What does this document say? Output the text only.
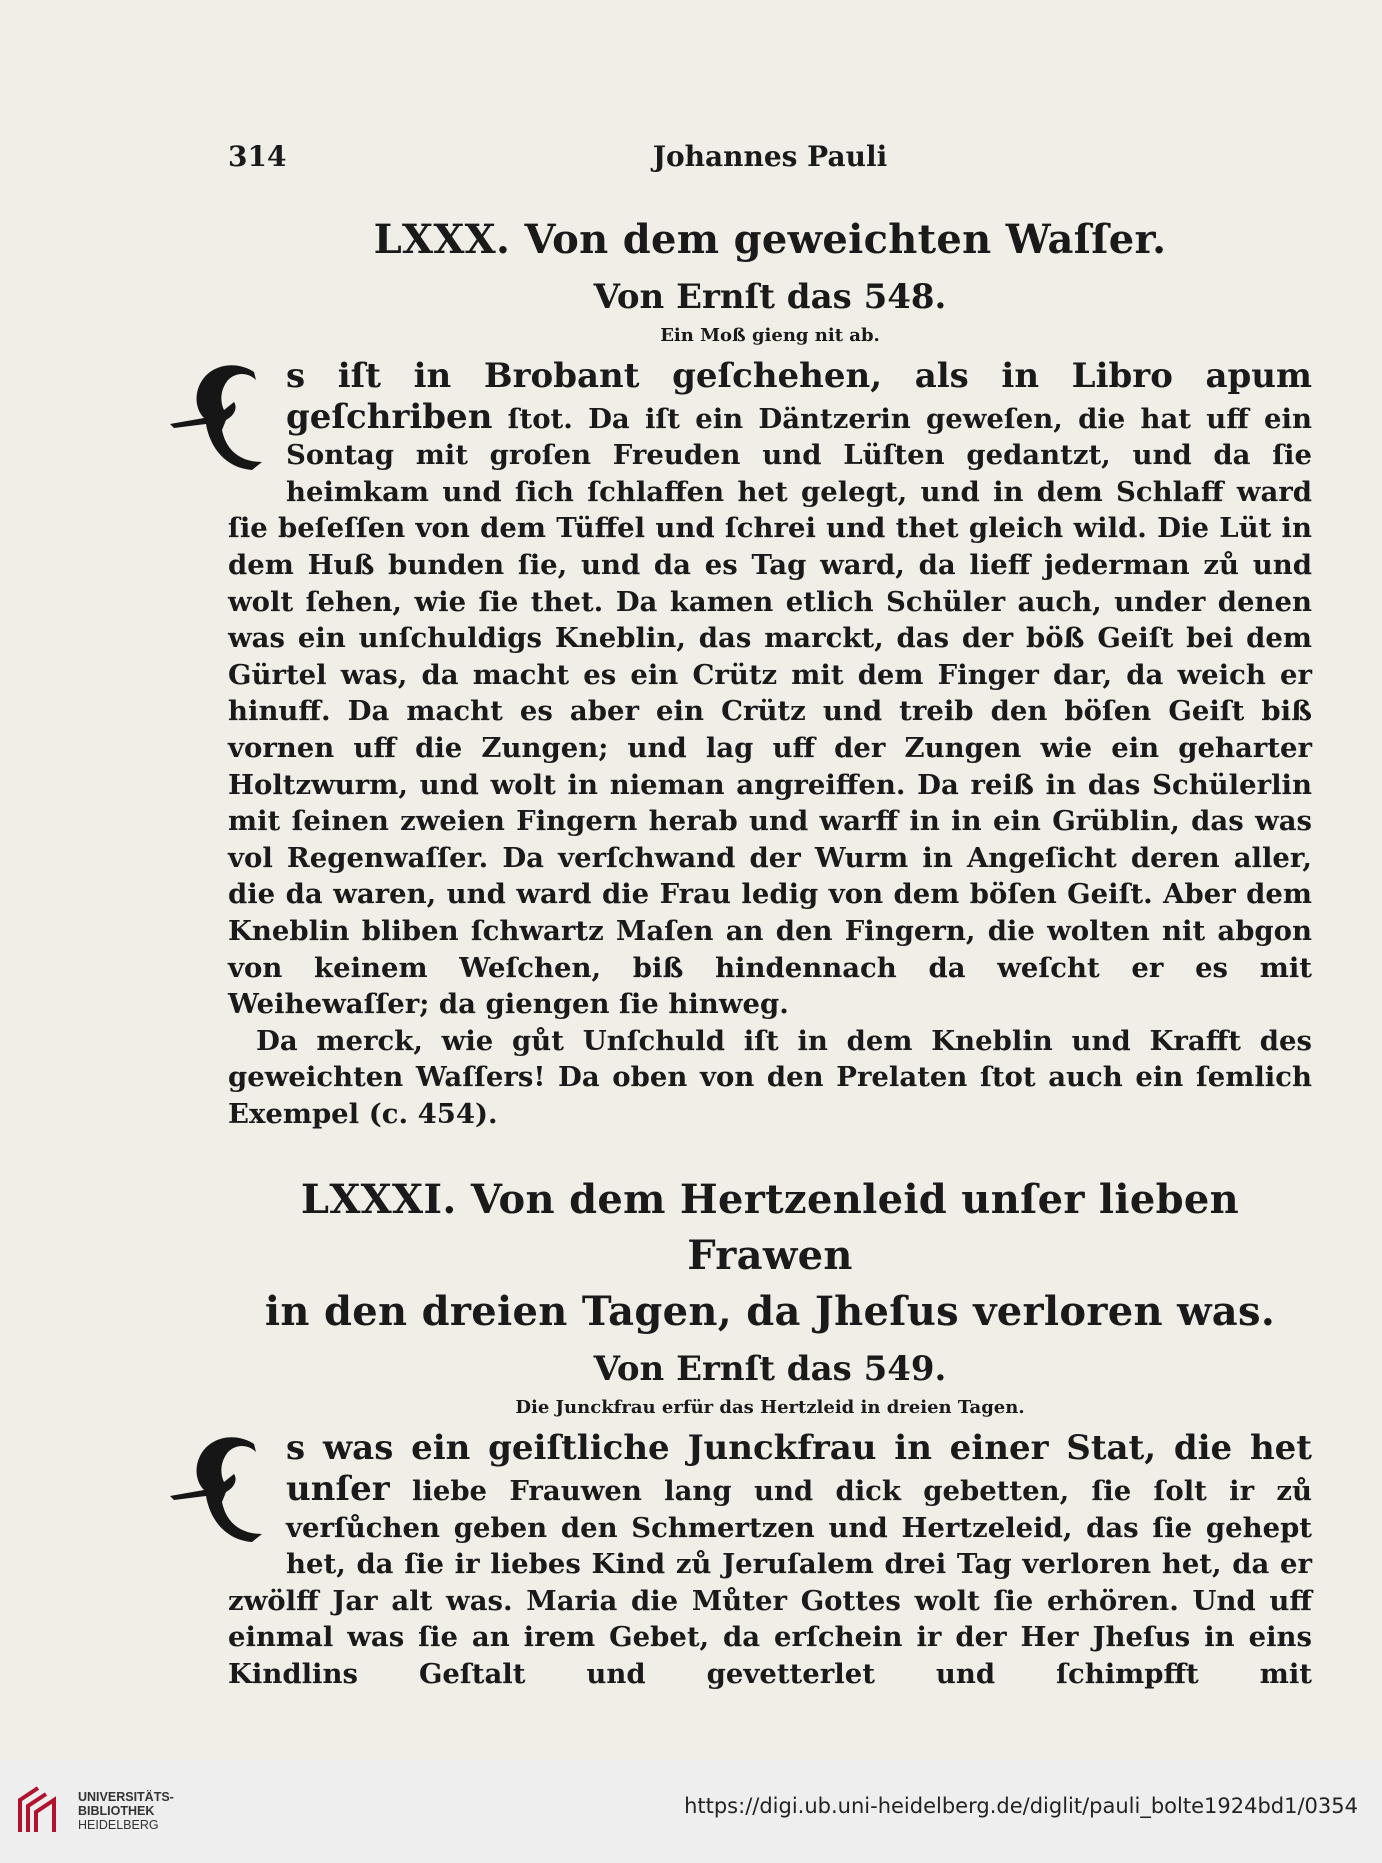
314	Johannes Pauli
LXXX. Von dem geweichten Waſſer.
Von Ernſt das 548.
Ein Moß gieng nit ab.

s iſt in Brobant geſchehen, als in Libro apum geſchriben ſtot. Da iſt ein Däntzerin geweſen, die hat uff ein Sontag mit groſen Freuden und Lüſten gedantzt, und da ſie heimkam und ſich ſchlaffen het gelegt, und in dem Schlaff ward ſie beſeſſen von dem Tüffel und ſchrei und thet gleich wild. Die Lüt in dem Huß bunden ſie, und da es Tag ward, da lieff jederman zů und wolt ſehen, wie ſie thet. Da kamen etlich Schüler auch, under denen was ein unſchuldigs Kneblin, das marckt, das der böß Geiſt bei dem Gürtel was, da macht es ein Crütz mit dem Finger dar, da weich er hinuff. Da macht es aber ein Crütz und treib den böſen Geiſt biß vornen uff die Zungen; und lag uff der Zungen wie ein geharter Holtzwurm, und wolt in nieman angreiffen. Da reiß in das Schülerlin mit ſeinen zweien Fingern herab und warff in in ein Grüblin, das was vol Regenwaſſer. Da verſchwand der Wurm in Angeſicht deren aller, die da waren, und ward die Frau ledig von dem böſen Geiſt. Aber dem Kneblin bliben ſchwartz Maſen an den Fingern, die wolten nit abgon von keinem Weſchen, biß hindennach da weſcht er es mit Weihewaſſer; da giengen ſie hinweg.

Da merck, wie gůt Unſchuld iſt in dem Kneblin und Krafft des geweichten Waſſers! Da oben von den Prelaten ſtot auch ein ſemlich Exempel (c. 454).

LXXXI. Von dem Hertzenleid unſer lieben Frawen
in den dreien Tagen, da Jheſus verloren was.
Von Ernſt das 549.
Die Junckfrau erfür das Hertzleid in dreien Tagen.

s was ein geiſtliche Junckfrau in einer Stat, die het unſer liebe Frauwen lang und dick gebetten, ſie ſolt ir zů verſůchen geben den Schmertzen und Hertzeleid, das ſie gehept het, da ſie ir liebes Kind zů Jeruſalem drei Tag verloren het, da er zwölff Jar alt was. Maria die Můter Gottes wolt ſie erhören. Und uff einmal was ſie an irem Gebet, da erſchein ir der Her Jheſus in eins Kindlins Geſtalt und gevetterlet und ſchimpfft mit

UNIVERSITÄTS-
BIBLIOTHEK
HEIDELBERG
https://digi.ub.uni-heidelberg.de/diglit/pauli_bolte1924bd1/0354
